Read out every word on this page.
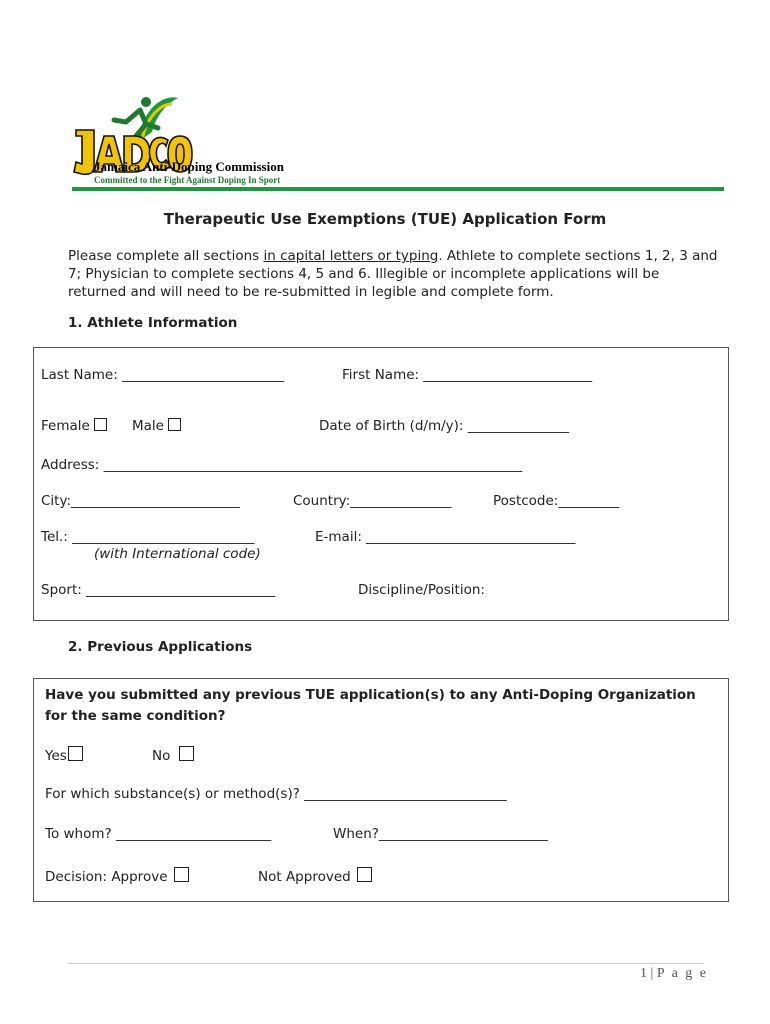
Jamaica Anti-Doping Commission
Committed to the Fight Against Doping In Sport
Therapeutic Use Exemptions (TUE) Application Form
Please complete all sections in capital letters or typing. Athlete to complete sections 1, 2, 3 and 7; Physician to complete sections 4, 5 and 6. Illegible or incomplete applications will be returned and will need to be re-submitted in legible and complete form.
1. Athlete Information
Last Name: ________________________	First Name: _________________________
Female	Male	Date of Birth (d/m/y): _______________
Address: ______________________________________________________________
City:_________________________	Country:_______________	Postcode:_________
Tel.: ___________________________	E-mail: _______________________________
(with International code)
Sport: ____________________________	Discipline/Position:
2. Previous Applications
Have you submitted any previous TUE application(s) to any Anti-Doping Organization for the same condition?
Yes	No
For which substance(s) or method(s)? ______________________________
To whom? _______________________	When?_________________________
Decision: Approve	Not Approved
1 | P a g e
